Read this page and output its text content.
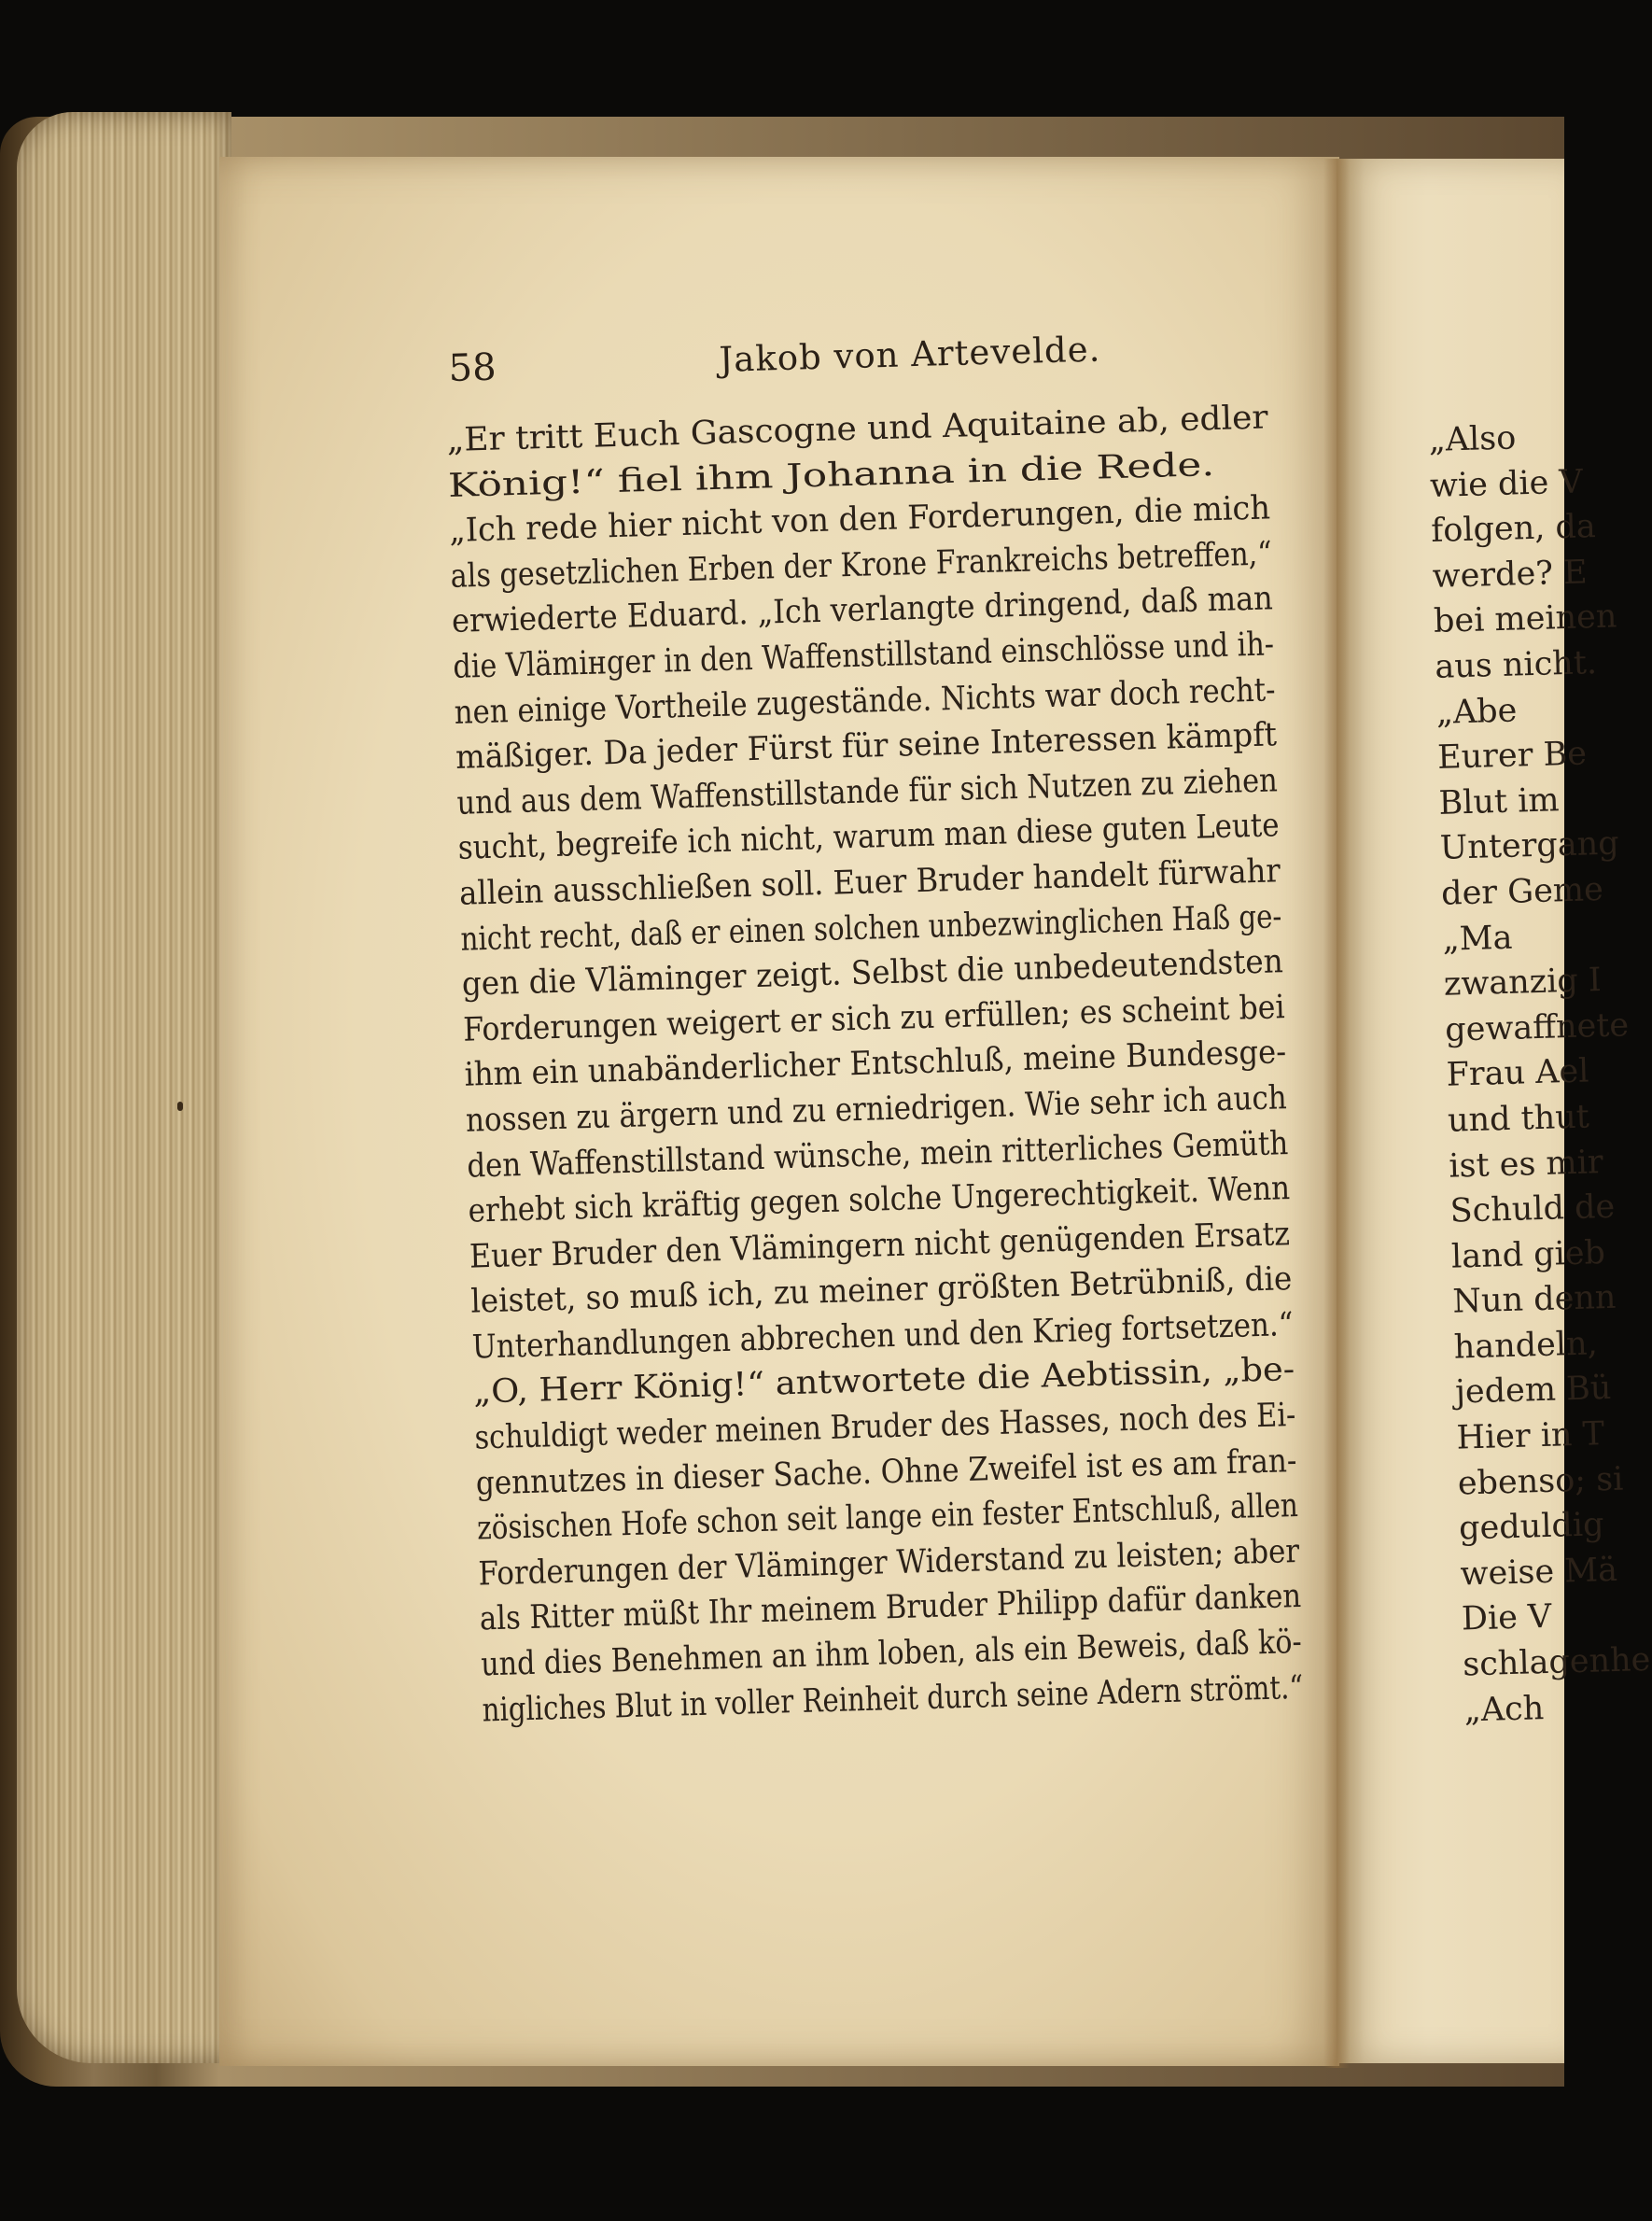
58	Jakob von Artevelde.
„Er tritt Euch Gascogne und Aquitaine ab, edler
König!“ fiel ihm Johanna in die Rede.
„Ich rede hier nicht von den Forderungen, die mich
als gesetzlichen Erben der Krone Frankreichs betreffen,“
erwiederte Eduard. „Ich verlangte dringend, daß man
die Vlämінger in den Waffenstillstand einschlösse und ih-
nen einige Vortheile zugestände. Nichts war doch recht-
mäßiger. Da jeder Fürst für seine Interessen kämpft
und aus dem Waffenstillstande für sich Nutzen zu ziehen
sucht, begreife ich nicht, warum man diese guten Leute
allein ausschließen soll. Euer Bruder handelt fürwahr
nicht recht, daß er einen solchen unbezwinglichen Haß ge-
gen die Vläminger zeigt. Selbst die unbedeutendsten
Forderungen weigert er sich zu erfüllen; es scheint bei
ihm ein unabänderlicher Entschluß, meine Bundesge-
nossen zu ärgern und zu erniedrigen. Wie sehr ich auch
den Waffenstillstand wünsche, mein ritterliches Gemüth
erhebt sich kräftig gegen solche Ungerechtigkeit. Wenn
Euer Bruder den Vlämingern nicht genügenden Ersatz
leistet, so muß ich, zu meiner größten Betrübniß, die
Unterhandlungen abbrechen und den Krieg fortsetzen.“
„O, Herr König!“ antwortete die Aebtissin, „be-
schuldigt weder meinen Bruder des Hasses, noch des Ei-
gennutzes in dieser Sache. Ohne Zweifel ist es am fran-
zösischen Hofe schon seit lange ein fester Entschluß, allen
Forderungen der Vläminger Widerstand zu leisten; aber
als Ritter müßt Ihr meinem Bruder Philipp dafür danken
und dies Benehmen an ihm loben, als ein Beweis, daß kö-
nigliches Blut in voller Reinheit durch seine Adern strömt.“
„Also
wie die V
folgen, da
werde? E
bei meinen
aus nicht.
„Abe
Eurer Be
Blut im
Untergang
der Geme
„Ma
zwanzig I
gewaffnete
Frau Ael
und thut
ist es mir
Schuld de
land gieb
Nun denn
handeln,
jedem Bü
Hier in T
ebenso; si
geduldig
weise Mä
Die V
schlagenhe
„Ach
